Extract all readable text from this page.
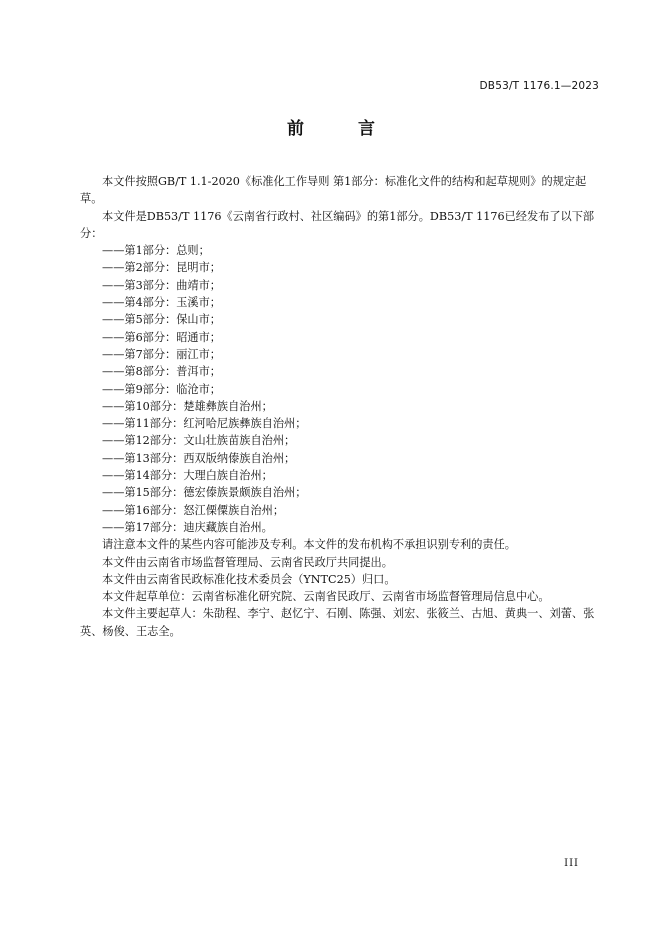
DB53/T 1176.1—2023
前 言

本文件按照GB/T 1.1-2020《标准化工作导则 第1部分：标准化文件的结构和起草规则》的规定起草。

本文件是DB53/T 1176《云南省行政村、社区编码》的第1部分。DB53/T 1176已经发布了以下部分：

——第1部分：总则；
——第2部分：昆明市；
——第3部分：曲靖市；
——第4部分：玉溪市；
——第5部分：保山市；
——第6部分：昭通市；
——第7部分：丽江市；
——第8部分：普洱市；
——第9部分：临沧市；
——第10部分：楚雄彝族自治州；
——第11部分：红河哈尼族彝族自治州；
——第12部分：文山壮族苗族自治州；
——第13部分：西双版纳傣族自治州；
——第14部分：大理白族自治州；
——第15部分：德宏傣族景颇族自治州；
——第16部分：怒江傈僳族自治州；
——第17部分：迪庆藏族自治州。

请注意本文件的某些内容可能涉及专利。本文件的发布机构不承担识别专利的责任。

本文件由云南省市场监督管理局、云南省民政厅共同提出。

本文件由云南省民政标准化技术委员会（YNTC25）归口。

本文件起草单位：云南省标准化研究院、云南省民政厅、云南省市场监督管理局信息中心。

本文件主要起草人：朱劭程、李宁、赵忆宁、石刚、陈强、刘宏、张筱兰、古旭、黄典一、刘蕾、张英、杨俊、王志全。

III
